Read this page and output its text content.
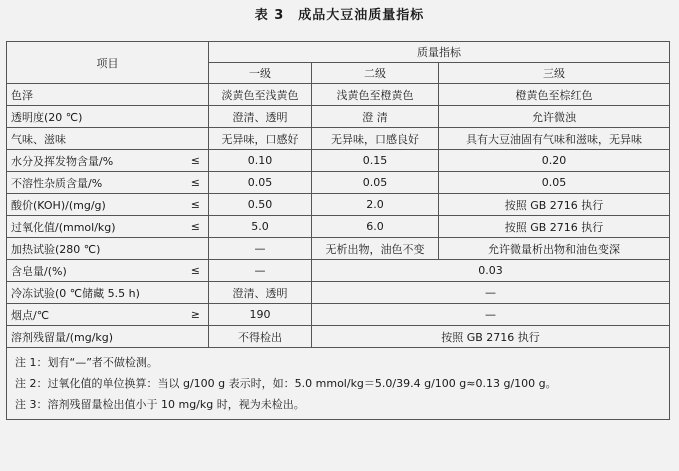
表 3　成品大豆油质量指标
项目		质量指标		
		一级	二级	三级
色泽		淡黄色至浅黄色	浅黄色至橙黄色	橙黄色至棕红色
透明度(20 ℃)		澄清、透明	澄 清	允许微浊
气味、滋味		无异味，口感好	无异味，口感良好	具有大豆油固有气味和滋味，无异味
水分及挥发物含量/%	≤	0.10	0.15	0.20
不溶性杂质含量/%	≤	0.05	0.05	0.05
酸价(KOH)/(mg/g)	≤	0.50	2.0	按照 GB 2716 执行
过氧化值/(mmol/kg)	≤	5.0	6.0	按照 GB 2716 执行
加热试验(280 ℃)		—	无析出物，油色不变	允许微量析出物和油色变深
含皂量/(%)	≤	—	0.03	
冷冻试验(0 ℃储藏 5.5 h)		澄清、透明	—	
烟点/℃	≥	190	—	
溶剂残留量/(mg/kg)		不得检出	按照 GB 2716 执行	

注 1：划有“—”者不做检测。
注 2：过氧化值的单位换算：当以 g/100 g 表示时，如：5.0 mmol/kg＝5.0/39.4 g/100 g≈0.13 g/100 g。
注 3：溶剂残留量检出值小于 10 mg/kg 时，视为未检出。				
